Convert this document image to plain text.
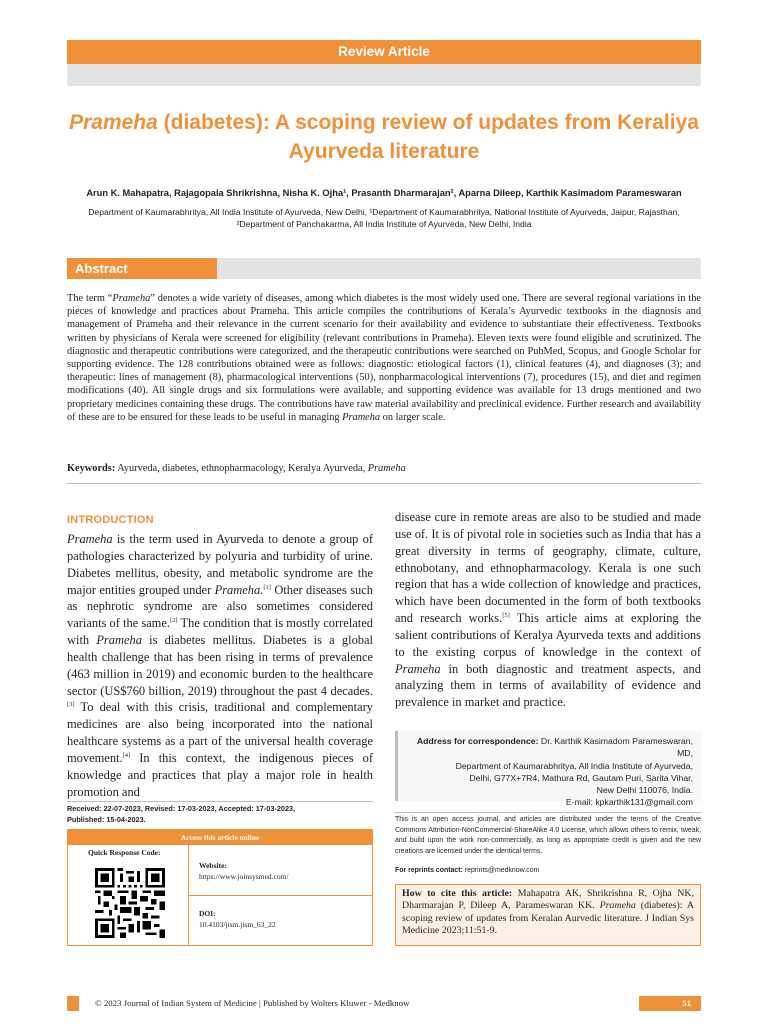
Review Article
Prameha (diabetes): A scoping review of updates from Keraliya Ayurveda literature
Arun K. Mahapatra, Rajagopala Shrikrishna, Nisha K. Ojha¹, Prasanth Dharmarajan², Aparna Dileep, Karthik Kasimadom Parameswaran
Department of Kaumarabhritya, All India Institute of Ayurveda, New Delhi, ¹Department of Kaumarabhritya, National Institute of Ayurveda, Jaipur, Rajasthan,
²Department of Panchakarma, All India Institute of Ayurveda, New Delhi, India
Abstract
The term “Prameha” denotes a wide variety of diseases, among which diabetes is the most widely used one. There are several regional variations in the pieces of knowledge and practices about Prameha. This article compiles the contributions of Kerala’s Ayurvedic textbooks in the diagnosis and management of Prameha and their relevance in the current scenario for their availability and evidence to substantiate their effectiveness. Textbooks written by physicians of Kerala were screened for eligibility (relevant contributions in Prameha). Eleven texts were found eligible and scrutinized. The diagnostic and therapeutic contributions were categorized, and the therapeutic contributions were searched on PubMed, Scopus, and Google Scholar for supporting evidence. The 128 contributions obtained were as follows: diagnostic: etiological factors (1), clinical features (4), and diagnoses (3); and therapeutic: lines of management (8), pharmacological interventions (50), nonpharmacological interventions (7), procedures (15), and diet and regimen modifications (40). All single drugs and six formulations were available, and supporting evidence was available for 13 drugs mentioned and two proprietary medicines containing these drugs. The contributions have raw material availability and preclinical evidence. Further research and availability of these are to be ensured for these leads to be useful in managing Prameha on larger scale.
Keywords: Ayurveda, diabetes, ethnopharmacology, Keralya Ayurveda, Prameha
INTRODUCTION
Prameha is the term used in Ayurveda to denote a group of pathologies characterized by polyuria and turbidity of urine. Diabetes mellitus, obesity, and metabolic syndrome are the major entities grouped under Prameha.[1] Other diseases such as nephrotic syndrome are also sometimes considered variants of the same.[2] The condition that is mostly correlated with Prameha is diabetes mellitus. Diabetes is a global health challenge that has been rising in terms of prevalence (463 million in 2019) and economic burden to the healthcare sector (US$760 billion, 2019) throughout the past 4 decades.[3] To deal with this crisis, traditional and complementary medicines are also being incorporated into the national healthcare systems as a part of the universal health coverage movement.[4] In this context, the indigenous pieces of knowledge and practices that play a major role in health promotion and
disease cure in remote areas are also to be studied and made use of. It is of pivotal role in societies such as India that has a great diversity in terms of geography, climate, culture, ethnobotany, and ethnopharmacology. Kerala is one such region that has a wide collection of knowledge and practices, which have been documented in the form of both textbooks and research works.[5] This article aims at exploring the salient contributions of Keralya Ayurveda texts and additions to the existing corpus of knowledge in the context of Prameha in both diagnostic and treatment aspects, and analyzing them in terms of availability of evidence and prevalence in market and practice.
Address for correspondence: Dr. Karthik Kasimadom Parameswaran, MD,
Department of Kaumarabhritya, All India Institute of Ayurveda,
Delhi, G77X+7R4, Mathura Rd, Gautam Puri, Sarita Vihar,
New Delhi 110076, India.
E-mail: kpkarthik131@gmail.com
Received: 22-07-2023, Revised: 17-03-2023, Accepted: 17-03-2023,
Published: 15-04-2023.
Access this article online
Quick Response Code:
Website:
https://www.joinsysmed.com/
DOI:
10.4103/jism.jism_63_22
This is an open access journal, and articles are distributed under the terms of the Creative Commons Attribution-NonCommercial-ShareAlike 4.0 License, which allows others to remix, tweak, and build upon the work non-commercially, as long as appropriate credit is given and the new creations are licensed under the identical terms.
For reprints contact: reprints@medknow.com
How to cite this article: Mahapatra AK, Shrikrishna R, Ojha NK, Dharmarajan P, Dileep A, Parameswaran KK. Prameha (diabetes): A scoping review of updates from Keralan Aurvedic literature. J Indian Sys Medicine 2023;11:51-9.
© 2023 Journal of Indian System of Medicine | Published by Wolters Kluwer - Medknow	51
